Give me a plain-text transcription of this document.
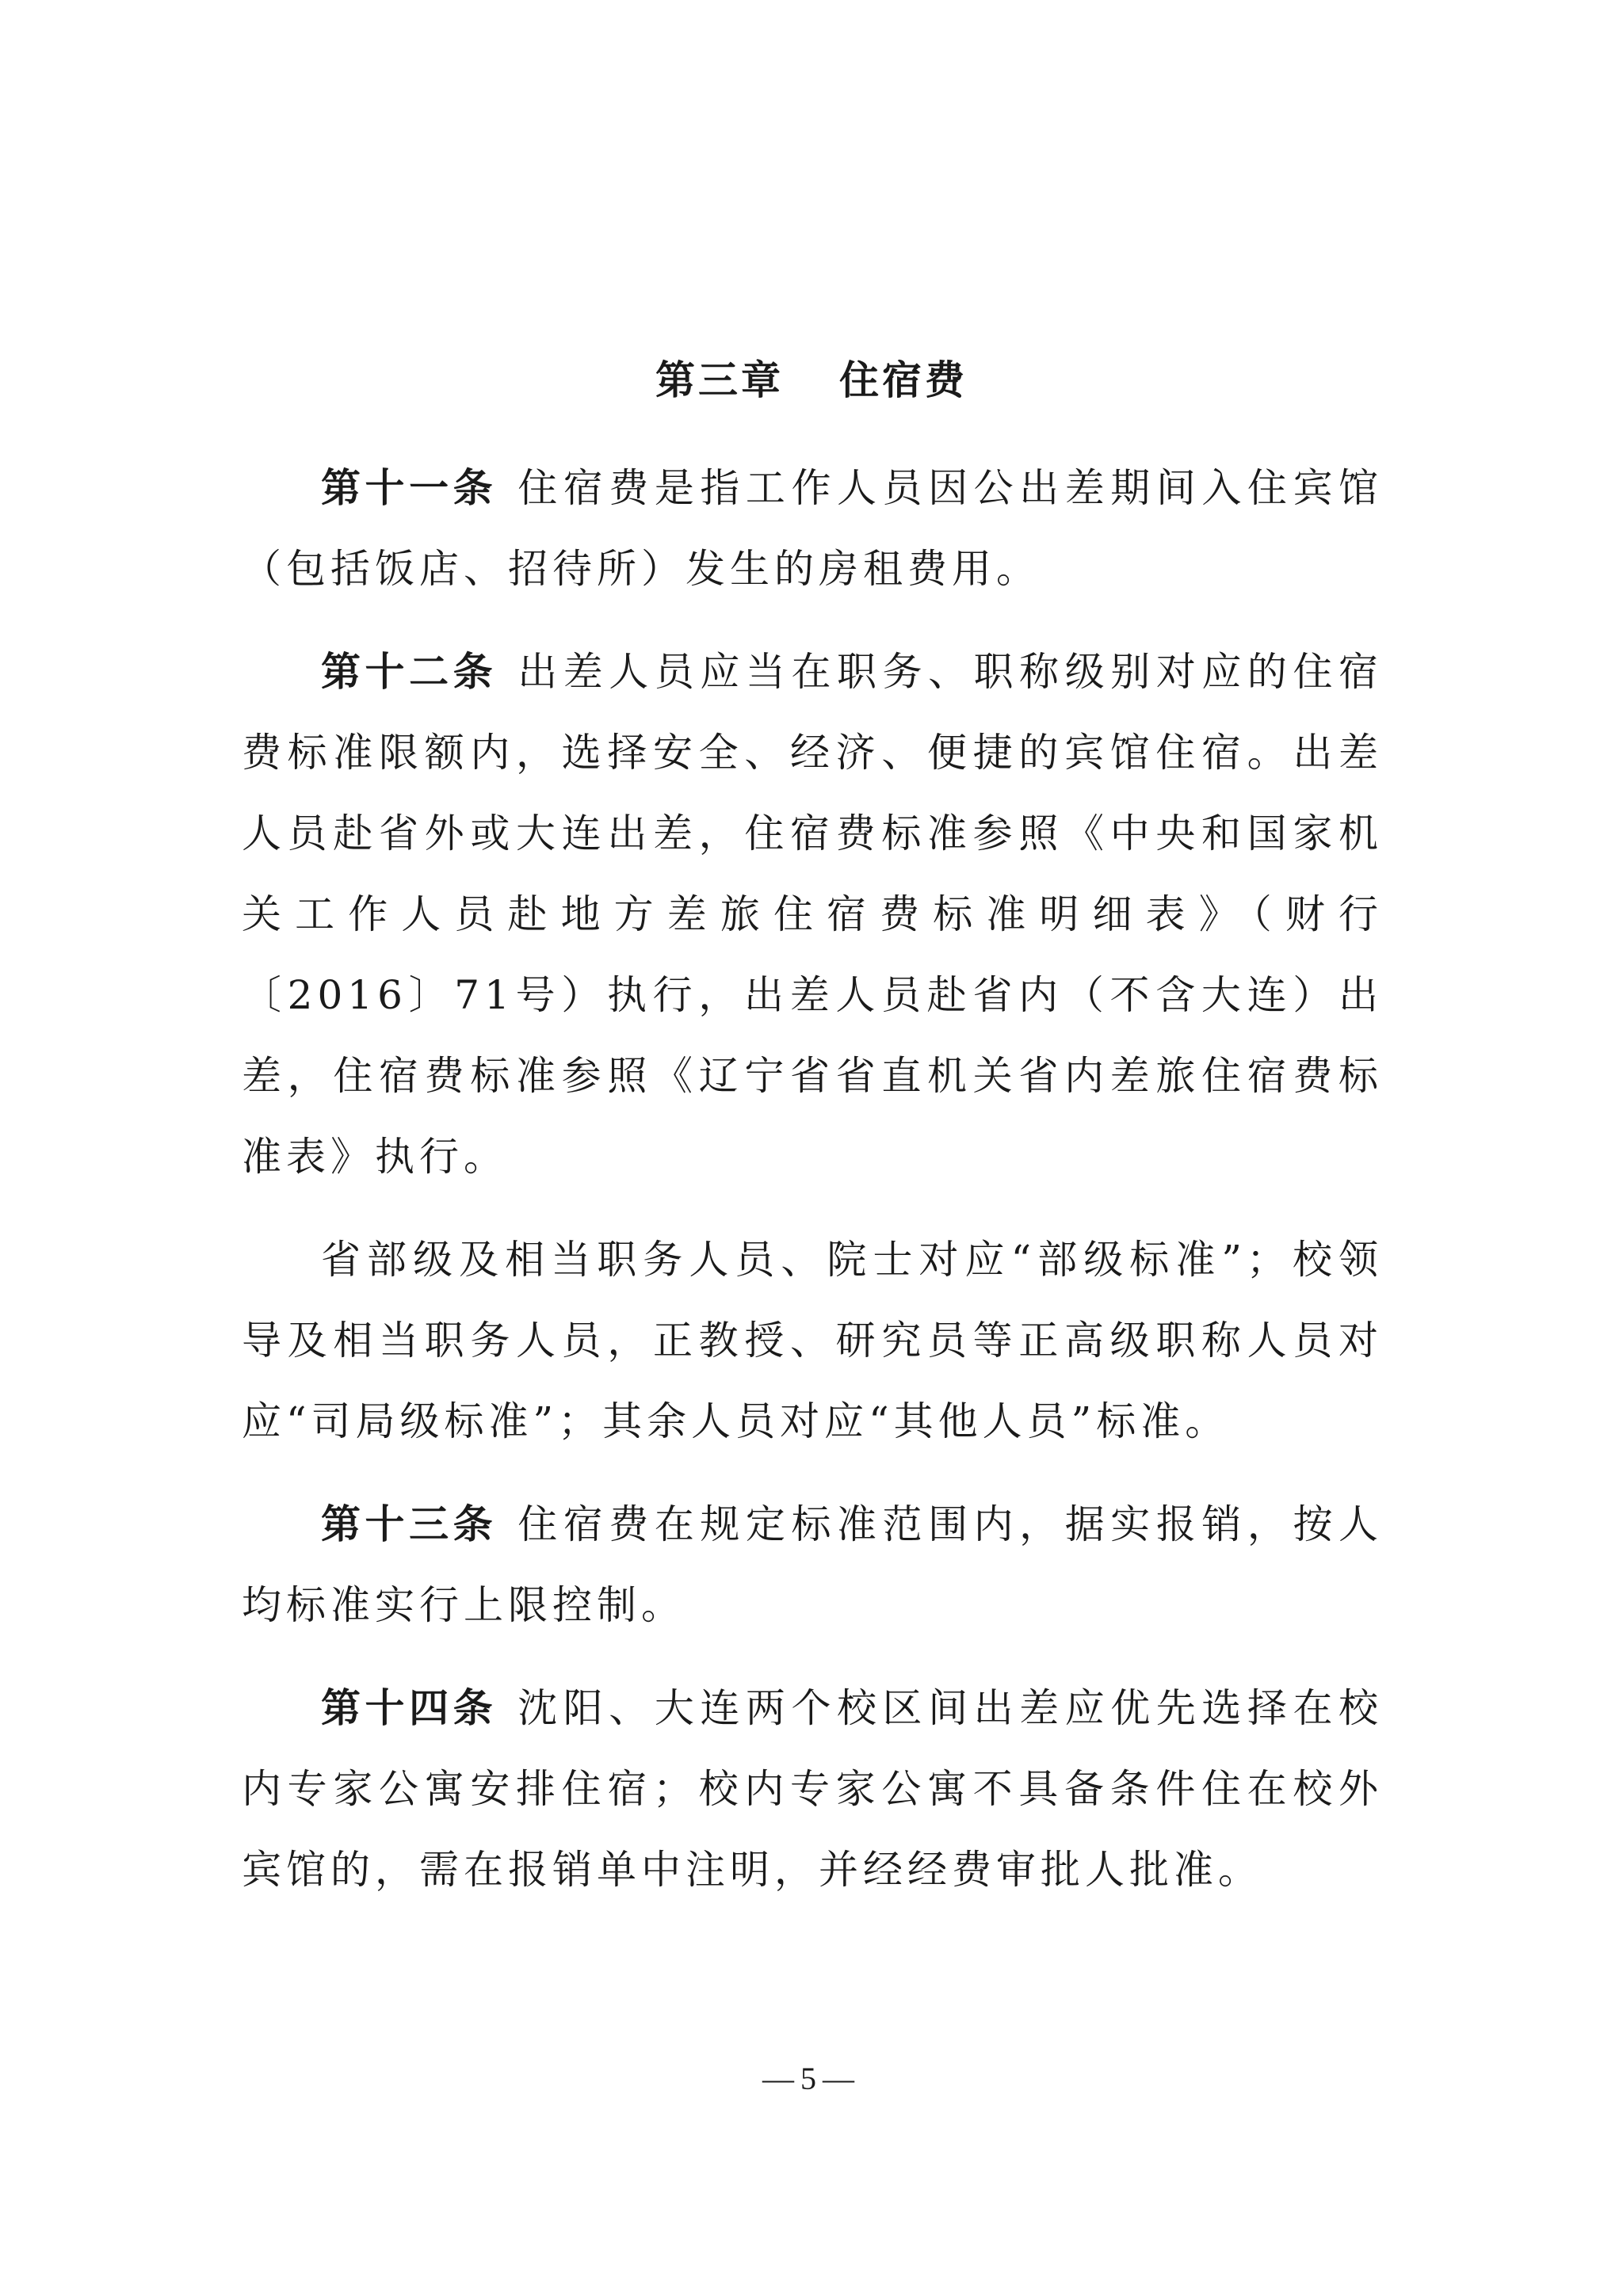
第三章 住宿费

第十一条 住宿费是指工作人员因公出差期间入住宾馆（包括饭店、招待所）发生的房租费用。

第十二条 出差人员应当在职务、职称级别对应的住宿费标准限额内，选择安全、经济、便捷的宾馆住宿。出差人员赴省外或大连出差，住宿费标准参照《中央和国家机关工作人员赴地方差旅住宿费标准明细表》（财行〔2016〕71号）执行，出差人员赴省内（不含大连）出差，住宿费标准参照《辽宁省省直机关省内差旅住宿费标准表》执行。

省部级及相当职务人员、院士对应“部级标准”；校领导及相当职务人员，正教授、研究员等正高级职称人员对应“司局级标准”；其余人员对应“其他人员”标准。

第十三条 住宿费在规定标准范围内，据实报销，按人均标准实行上限控制。

第十四条 沈阳、大连两个校区间出差应优先选择在校内专家公寓安排住宿；校内专家公寓不具备条件住在校外宾馆的，需在报销单中注明，并经经费审批人批准。

—5—
